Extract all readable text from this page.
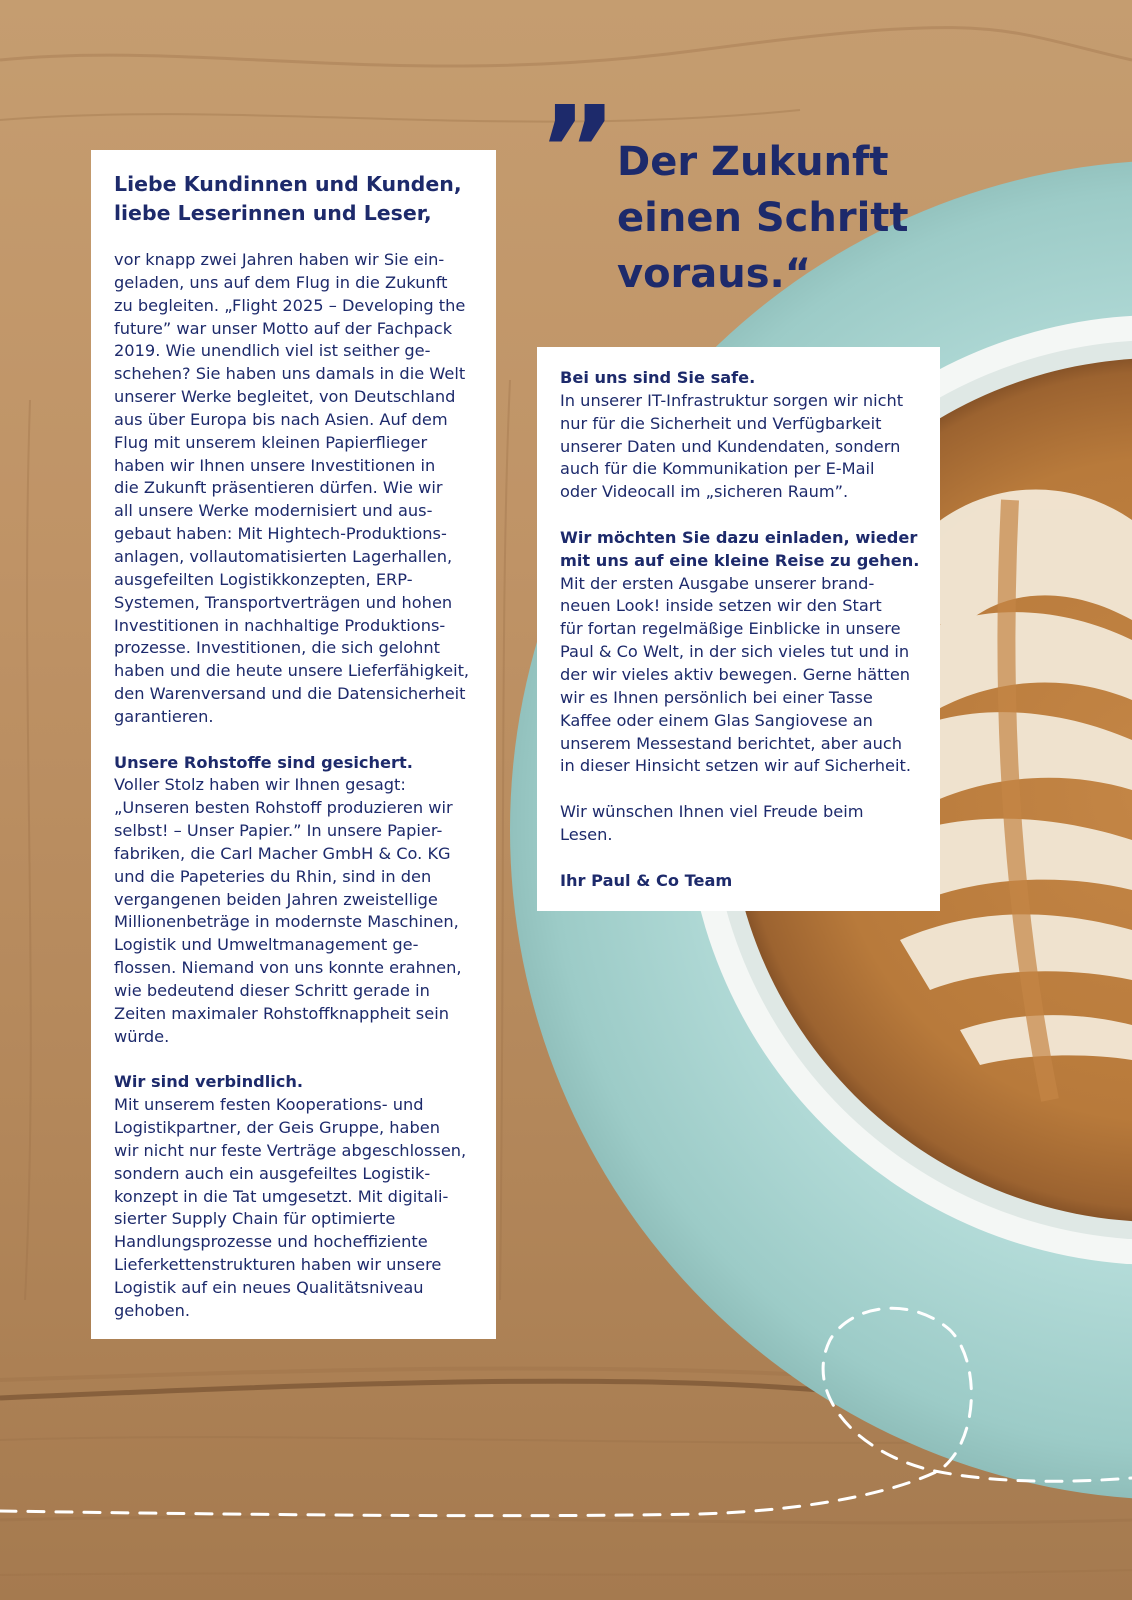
” Der Zukunft
einen Schritt
voraus.“
Liebe Kundinnen und Kunden,
liebe Leserinnen und Leser,

vor knapp zwei Jahren haben wir Sie ein-
geladen, uns auf dem Flug in die Zukunft
zu begleiten. „Flight 2025 – Developing the
future” war unser Motto auf der Fachpack
2019. Wie unendlich viel ist seither ge-
schehen? Sie haben uns damals in die Welt
unserer Werke begleitet, von Deutschland
aus über Europa bis nach Asien. Auf dem
Flug mit unserem kleinen Papierflieger
haben wir Ihnen unsere Investitionen in
die Zukunft präsentieren dürfen. Wie wir
all unsere Werke modernisiert und aus-
gebaut haben: Mit Hightech-Produktions-
anlagen, vollautomatisierten Lagerhallen,
ausgefeilten Logistikkonzepten, ERP-
Systemen, Transportverträgen und hohen
Investitionen in nachhaltige Produktions-
prozesse. Investitionen, die sich gelohnt
haben und die heute unsere Lieferfähigkeit,
den Warenversand und die Datensicherheit
garantieren.

Unsere Rohstoffe sind gesichert.
Voller Stolz haben wir Ihnen gesagt:
„Unseren besten Rohstoff produzieren wir
selbst! – Unser Papier.” In unsere Papier-
fabriken, die Carl Macher GmbH & Co. KG
und die Papeteries du Rhin, sind in den
vergangenen beiden Jahren zweistellige
Millionenbeträge in modernste Maschinen,
Logistik und Umweltmanagement ge-
flossen. Niemand von uns konnte erahnen,
wie bedeutend dieser Schritt gerade in
Zeiten maximaler Rohstoffknappheit sein
würde.

Wir sind verbindlich.
Mit unserem festen Kooperations- und
Logistikpartner, der Geis Gruppe, haben
wir nicht nur feste Verträge abgeschlossen,
sondern auch ein ausgefeiltes Logistik-
konzept in die Tat umgesetzt. Mit digitali-
sierter Supply Chain für optimierte
Handlungsprozesse und hocheffiziente
Lieferkettenstrukturen haben wir unsere
Logistik auf ein neues Qualitätsniveau
gehoben.

Bei uns sind Sie safe.
In unserer IT-Infrastruktur sorgen wir nicht
nur für die Sicherheit und Verfügbarkeit
unserer Daten und Kundendaten, sondern
auch für die Kommunikation per E-Mail
oder Videocall im „sicheren Raum”.

Wir möchten Sie dazu einladen, wieder
mit uns auf eine kleine Reise zu gehen.
Mit der ersten Ausgabe unserer brand-
neuen Look! inside setzen wir den Start
für fortan regelmäßige Einblicke in unsere
Paul & Co Welt, in der sich vieles tut und in
der wir vieles aktiv bewegen. Gerne hätten
wir es Ihnen persönlich bei einer Tasse
Kaffee oder einem Glas Sangiovese an
unserem Messestand berichtet, aber auch
in dieser Hinsicht setzen wir auf Sicherheit.

Wir wünschen Ihnen viel Freude beim
Lesen.

Ihr Paul & Co Team
